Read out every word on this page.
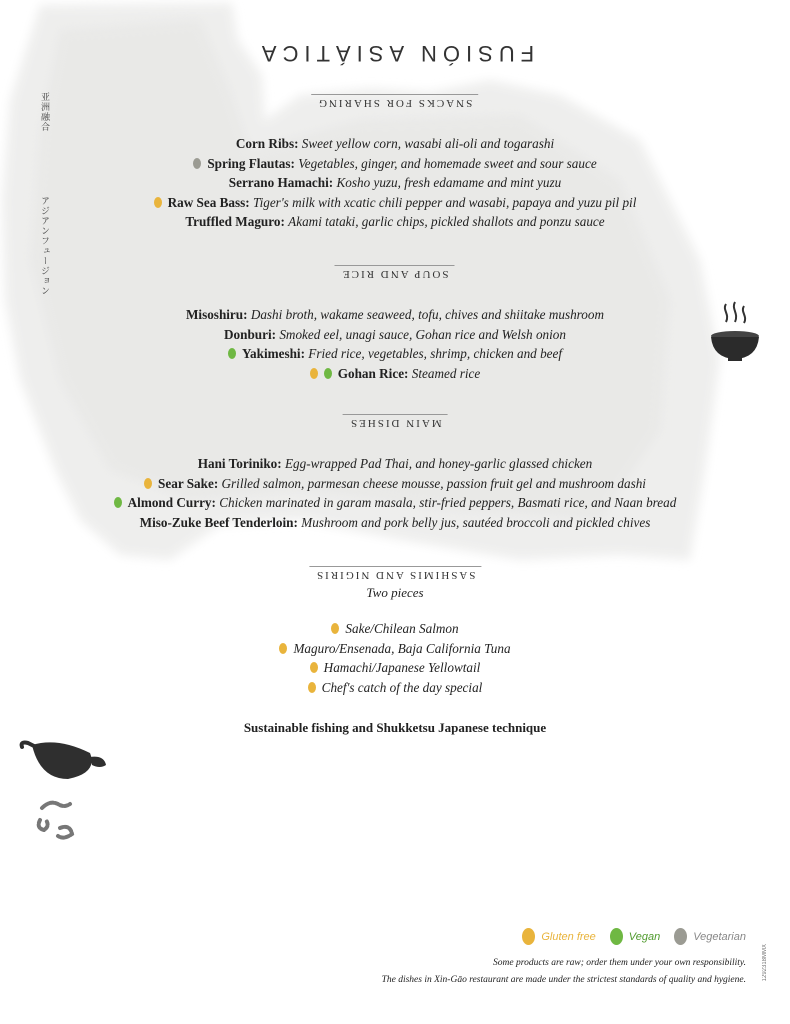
FUSIÓN ASIÁTICA
亚洲融合
アジアンフュージョン
SNACKS FOR SHARING
Corn Ribs: Sweet yellow corn, wasabi ali-oli and togarashi
Spring Flautas: Vegetables, ginger, and homemade sweet and sour sauce
Serrano Hamachi: Kosho yuzu, fresh edamame and mint yuzu
Raw Sea Bass: Tiger's milk with xcatic chili pepper and wasabi, papaya and yuzu pil pil
Truffled Maguro: Akami tataki, garlic chips, pickled shallots and ponzu sauce
SOUP AND RICE
Misoshiru: Dashi broth, wakame seaweed, tofu, chives and shiitake mushroom
Donburi: Smoked eel, unagi sauce, Gohan rice and Welsh onion
Yakimeshi: Fried rice, vegetables, shrimp, chicken and beef
Gohan Rice: Steamed rice
MAIN DISHES
Hani Toriniko: Egg-wrapped Pad Thai, and honey-garlic glassed chicken
Sear Sake: Grilled salmon, parmesan cheese mousse, passion fruit gel and mushroom dashi
Almond Curry: Chicken marinated in garam masala, stir-fried peppers, Basmati rice, and Naan bread
Miso-Zuke Beef Tenderloin: Mushroom and pork belly jus, sautéed broccoli and pickled chives
SASHIMIS AND NIGIRIS
Two pieces
Sake/Chilean Salmon
Maguro/Ensenada, Baja California Tuna
Hamachi/Japanese Yellowtail
Chef's catch of the day special
Sustainable fishing and Shukketsu Japanese technique
Gluten free	Vegan	Vegetarian
Some products are raw; order them under your own responsibility.
The dishes in Xin-Gāo restaurant are made under the strictest standards of quality and hygiene.	1292318MMX
